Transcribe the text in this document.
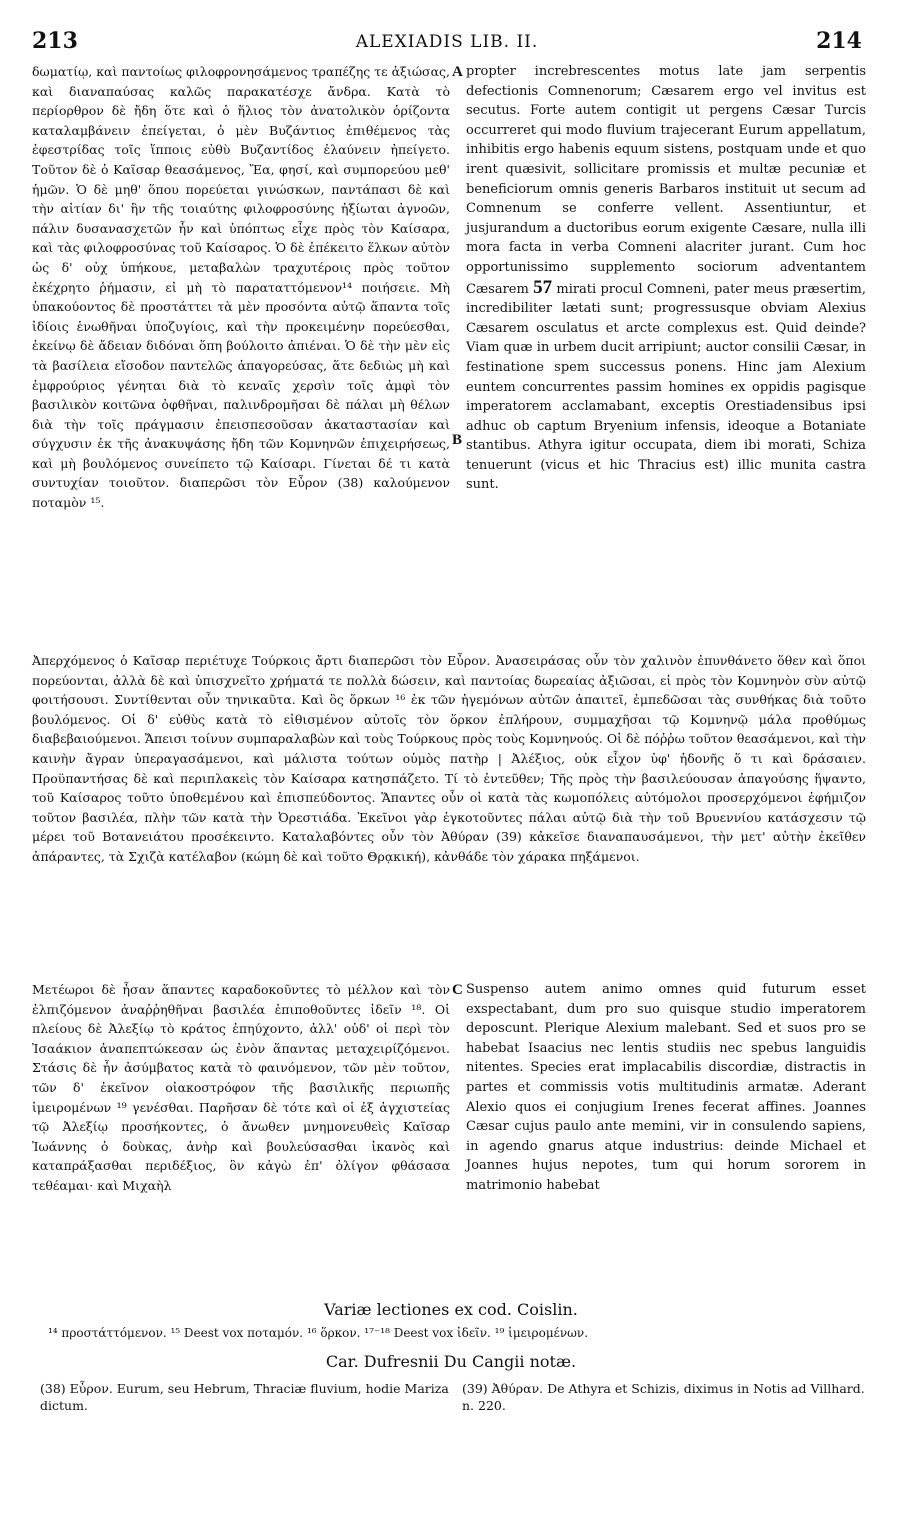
213	ALEXIADIS LIB. II.	214

δωματίῳ, καὶ παντοίως φιλοφρονησάμενος τραπέζης τε ἀξιώσας, καὶ διαναπαύσας καλῶς παρακατέσχε ἄνδρα. Κατὰ τὸ περίορθρον δὲ ἤδη ὅτε καὶ ὁ ἥλιος τὸν ἀνατολικὸν ὁρίζοντα καταλαμβάνειν ἐπείγεται, ὁ μὲν Βυζάντιος ἐπιθέμενος τὰς ἐφεστρίδας τοῖς ἵπποις εὐθὺ Βυζαντίδος ἐλαύνειν ἠπείγετο. Τοῦτον δὲ ὁ Καῖσαρ θεασάμενος, Ἔα, φησί, καὶ συμπορεύου μεθ' ἡμῶν. Ὁ δὲ μηθ' ὅπου πορεύεται γινώσκων, παντάπασι δὲ καὶ τὴν αἰτίαν δι' ἣν τῆς τοιαύτης φιλοφροσύνης ἠξίωται ἀγνοῶν, πάλιν δυσανασχετῶν ἦν καὶ ὑπόπτως εἶχε πρὸς τὸν Καίσαρα, καὶ τὰς φιλοφροσύνας τοῦ Καίσαρος. Ὁ δὲ ἐπέκειτο ἕλκων αὐτὸν ὡς δ' οὐχ ὑπήκουε, μεταβαλὼν τραχυτέροις πρὸς τοῦτον ἐκέχρητο ῥήμασιν, εἰ μὴ τὸ παραταττόμενον¹⁴ ποιήσειε. Μὴ ὑπακούοντος δὲ προστάττει τὰ μὲν προσόντα αὐτῷ ἅπαντα τοῖς ἰδίοις ἑνωθῆναι ὑποζυγίοις, καὶ τὴν προκειμένην πορεύεσθαι, ἐκείνῳ δὲ ἄδειαν διδόναι ὅπη βούλοιτο ἀπιέναι. Ὁ δὲ τὴν μὲν εἰς τὰ βασίλεια εἴσοδον παντελῶς ἀπαγορεύσας, ἅτε δεδιὼς μὴ καὶ ἐμφρούριος γένηται διὰ τὸ κεναῖς χερσὶν τοῖς ἀμφὶ τὸν βασιλικὸν κοιτῶνα ὀφθῆναι, παλινδρομῆσαι δὲ πάλαι μὴ θέλων διὰ τὴν τοῖς πράγμασιν ἐπεισπεσοῦσαν ἀκαταστασίαν καὶ σύγχυσιν ἐκ τῆς ἀνακυψάσης ἤδη τῶν Κομνηνῶν ἐπιχειρήσεως, καὶ μὴ βουλόμενος συνείπετο τῷ Καίσαρι. Γίνεται δέ τι κατὰ συντυχίαν τοιοῦτον. διαπερῶσι τὸν Εὖρον (38) καλούμενον ποταμὸν ¹⁵.

A
B

propter increbrescentes motus late jam serpentis defectionis Comnenorum; Cæsarem ergo vel invitus est secutus. Forte autem contigit ut pergens Cæsar Turcis occurreret qui modo fluvium trajecerant Eurum appellatum, inhibitis ergo habenis equum sistens, postquam unde et quo irent quæsivit, sollicitare promissis et multæ pecuniæ et beneficiorum omnis generis Barbaros instituit ut secum ad Comnenum se conferre vellent. Assentiuntur, et jusjurandum a ductoribus eorum exigente Cæsare, nulla illi mora facta in verba Comneni alacriter jurant. Cum hoc opportunissimo supplemento sociorum adventantem Cæsarem 57 mirati procul Comneni, pater meus præsertim, incredibiliter lætati sunt; progressusque obviam Alexius Cæsarem osculatus et arcte complexus est. Quid deinde? Viam quæ in urbem ducit arripiunt; auctor consilii Cæsar, in festinatione spem successus ponens. Hinc jam Alexium euntem concurrentes passim homines ex oppidis pagisque imperatorem acclamabant, exceptis Orestiadensibus ipsi adhuc ob captum Bryenium infensis, ideoque a Botaniate stantibus. Athyra igitur occupata, diem ibi morati, Schiza tenuerunt (vicus et hic Thracius est) illic munita castra sunt.

Ἀπερχόμενος ὁ Καῖσαρ περιέτυχε Τούρκοις ἄρτι διαπερῶσι τὸν Εὖρον. Ἀνασειράσας οὖν τὸν χαλινὸν ἐπυνθάνετο ὅθεν καὶ ὅποι πορεύονται, ἀλλὰ δὲ καὶ ὑπισχνεῖτο χρήματά τε πολλὰ δώσειν, καὶ παντοίας δωρεαίας ἀξιῶσαι, εἰ πρὸς τὸν Κομνηνὸν σὺν αὐτῷ φοιτήσουσι. Συντίθενται οὖν τηνικαῦτα. Καὶ ὃς ὅρκων ¹⁶ ἐκ τῶν ἡγεμόνων αὐτῶν ἀπαιτεῖ, ἐμπεδῶσαι τὰς συνθήκας διὰ τοῦτο βουλόμενος. Οἱ δ' εὐθὺς κατὰ τὸ εἰθισμένον αὐτοῖς τὸν ὅρκον ἐπλήρουν, συμμαχῆσαι τῷ Κομνηνῷ μάλα προθύμως διαβεβαιούμενοι. Ἄπεισι τοίνυν συμπαραλαβὼν καὶ τοὺς Τούρκους πρὸς τοὺς Κομνηνούς. Οἱ δὲ πόῤῥω τοῦτον θεασάμενοι, καὶ τὴν καινὴν ἄγραν ὑπεραγασάμενοι, καὶ μάλιστα τούτων οὑμὸς πατὴρ | Ἀλέξιος, οὐκ εἶχον ὑφ' ἡδονῆς ὅ τι καὶ δράσαιεν. Προϋπαντήσας δὲ καὶ περιπλακεὶς τὸν Καίσαρα κατησπάζετο. Τί τὸ ἐντεῦθεν; Τῆς πρὸς τὴν βασιλεύουσαν ἀπαγούσης ἥψαντο, τοῦ Καίσαρος τοῦτο ὑποθεμένου καὶ ἐπισπεύδοντος. Ἅπαντες οὖν οἱ κατὰ τὰς κωμοπόλεις αὐτόμολοι προσερχόμενοι ἐφήμιζον τοῦτον βασιλέα, πλὴν τῶν κατὰ τὴν Ὀρεστιάδα. Ἐκεῖνοι γὰρ ἐγκοτοῦντες πάλαι αὐτῷ διὰ τὴν τοῦ Βρυεννίου κατάσχεσιν τῷ μέρει τοῦ Βοτανειάτου προσέκειντο. Καταλαβόντες οὖν τὸν Ἀθύραν (39) κἀκεῖσε διαναπαυσάμενοι, τὴν μετ' αὐτὴν ἐκεῖθεν ἀπάραντες, τὰ Σχιζὰ κατέλαβον (κώμη δὲ καὶ τοῦτο Θρᾳκική), κἀνθάδε τὸν χάρακα πηξάμενοι.

Μετέωροι δὲ ἦσαν ἅπαντες καραδοκοῦντες τὸ μέλλον καὶ τὸν ἐλπιζόμενον ἀναῤῥηθῆναι βασιλέα ἐπιποθοῦντες ἰδεῖν ¹⁸. Οἱ πλείους δὲ Ἀλεξίῳ τὸ κράτος ἐπηύχοντο, ἀλλ' οὐδ' οἱ περὶ τὸν Ἰσαάκιον ἀναπεπτώκεσαν ὡς ἐνὸν ἅπαντας μεταχειρίζόμενοι. Στάσις δὲ ἦν ἀσύμβατος κατὰ τὸ φαινόμενον, τῶν μὲν τοῦτον, τῶν δ' ἐκεῖνον οἰακοστρόφον τῆς βασιλικῆς περιωπῆς ἱμειρομένων ¹⁹ γενέσθαι. Παρῆσαν δὲ τότε καὶ οἱ ἐξ ἀγχιστείας τῷ Ἀλεξίῳ προσήκοντες, ὁ ἄνωθεν μνημονευθεὶς Καῖσαρ Ἰωάννης ὁ δοὺκας, ἀνὴρ καὶ βουλεύσασθαι ἱκανὸς καὶ καταπράξασθαι περιδέξιος, ὃν κἀγὼ ἐπ' ὀλίγον φθάσασα τεθέαμαι· καὶ Μιχαὴλ

C Suspenso autem animo omnes quid futurum esset exspectabant, dum pro suo quisque studio imperatorem deposcunt. Plerique Alexium malebant. Sed et suos pro se habebat Isaacius nec lentis studiis nec spebus languidis nitentes. Species erat implacabilis discordiæ, distractis in partes et commissis votis multitudinis armatæ. Aderant Alexio quos ei conjugium Irenes fecerat affines. Joannes Cæsar cujus paulo ante memini, vir in consulendo sapiens, in agendo gnarus atque industrius: deinde Michael et Joannes hujus nepotes, tum qui horum sororem in matrimonio habebat

Variæ lectiones ex cod. Coislin.
¹⁴ προστάττόμενον. ¹⁵ Deest vox ποταμόν. ¹⁶ ὅρκον. ¹⁷⁻¹⁸ Deest vox ἰδεῖν. ¹⁹ ἱμειρομένων.
Car. Dufresnii Du Cangii notæ.
(38) Εὖρον. Eurum, seu Hebrum, Thraciæ fluvium, hodie Mariza dictum.
(39) Ἀθύραν. De Athyra et Schizis, diximus in Notis ad Villhard. n. 220.
